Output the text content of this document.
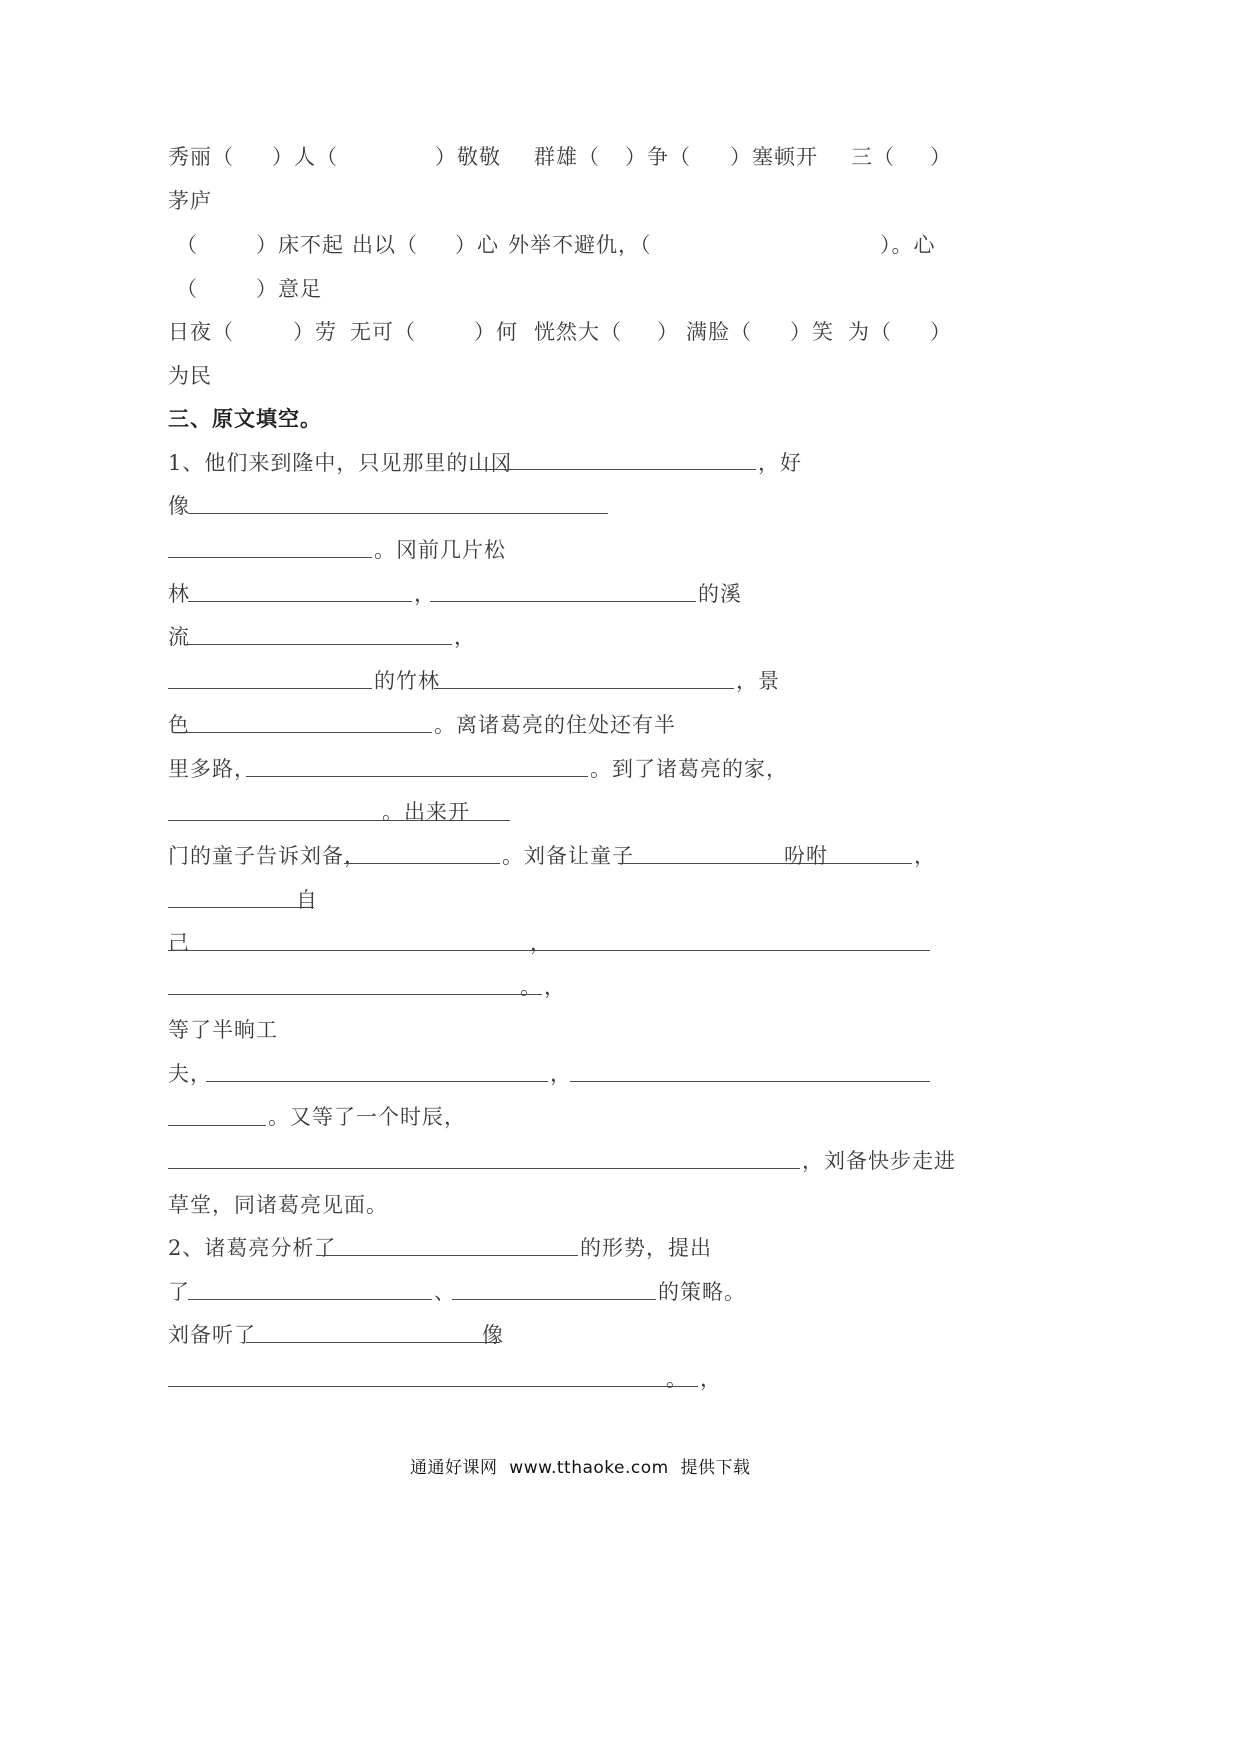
秀丽（ ）人（	）敬敬 群雄（ ）争（ ）塞顿开 三（ ）
茅庐
（	）床不起 出以（ ）心 外举不避仇，（	）。心
（	）意足
日夜（	）劳 无可（	）何 恍然大（ ） 满脸（ ）笑 为（ ）
为民
三、原文填空。
1、他们来到隆中，只见那里的山冈	，好
像
。冈前几片松
林	，	的溪
流	，
的竹林	，景
色	。离诸葛亮的住处还有半
里多路，	。到了诸葛亮的家，
。出来开
门的童子告诉刘备，	。刘备让童子	吩咐	，
自
己	，
。 ，
等了半晌工
夫，	，
。又等了一个时辰，
，刘备快步走进
草堂，同诸葛亮见面。
2、诸葛亮分析了	的形势，提出
了	、	的策略。
刘备听了	像
。 ，
通通好课网  www.tthaoke.com  提供下载
